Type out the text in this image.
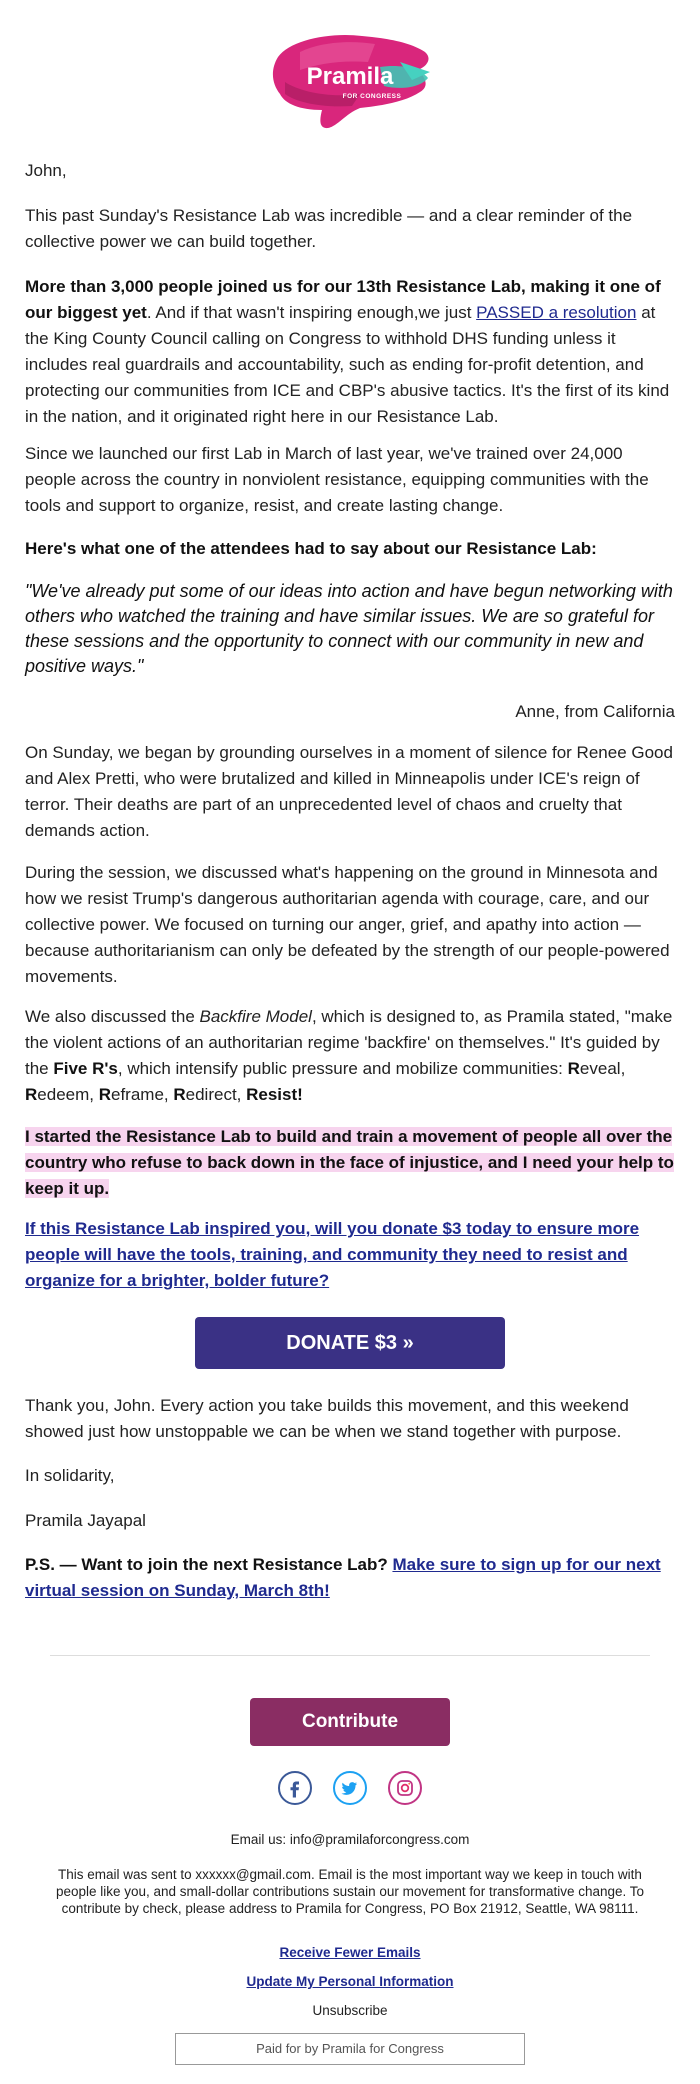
Pramila
FOR CONGRESS

John,

This past Sunday's Resistance Lab was incredible — and a clear reminder of the collective power we can build together.

More than 3,000 people joined us for our 13th Resistance Lab, making it one of our biggest yet. And if that wasn't inspiring enough,we just PASSED a resolution at the King County Council calling on Congress to withhold DHS funding unless it includes real guardrails and accountability, such as ending for-profit detention, and protecting our communities from ICE and CBP's abusive tactics. It's the first of its kind in the nation, and it originated right here in our Resistance Lab.

Since we launched our first Lab in March of last year, we've trained over 24,000 people across the country in nonviolent resistance, equipping communities with the tools and support to organize, resist, and create lasting change.

Here's what one of the attendees had to say about our Resistance Lab:

"We've already put some of our ideas into action and have begun networking with others who watched the training and have similar issues. We are so grateful for these sessions and the opportunity to connect with our community in new and positive ways."

Anne, from California

On Sunday, we began by grounding ourselves in a moment of silence for Renee Good and Alex Pretti, who were brutalized and killed in Minneapolis under ICE's reign of terror. Their deaths are part of an unprecedented level of chaos and cruelty that demands action.

During the session, we discussed what's happening on the ground in Minnesota and how we resist Trump's dangerous authoritarian agenda with courage, care, and our collective power. We focused on turning our anger, grief, and apathy into action — because authoritarianism can only be defeated by the strength of our people-powered movements.

We also discussed the Backfire Model, which is designed to, as Pramila stated, "make the violent actions of an authoritarian regime 'backfire' on themselves." It's guided by the Five R's, which intensify public pressure and mobilize communities: Reveal, Redeem, Reframe, Redirect, Resist!

I started the Resistance Lab to build and train a movement of people all over the country who refuse to back down in the face of injustice, and I need your help to keep it up.

If this Resistance Lab inspired you, will you donate $3 today to ensure more people will have the tools, training, and community they need to resist and organize for a brighter, bolder future?

DONATE $3 »

Thank you, John. Every action you take builds this movement, and this weekend showed just how unstoppable we can be when we stand together with purpose.

In solidarity,

Pramila Jayapal

P.S. — Want to join the next Resistance Lab? Make sure to sign up for our next virtual session on Sunday, March 8th!

Contribute
Email us: info@pramilaforcongress.com
This email was sent to xxxxxx@gmail.com. Email is the most important way we keep in touch with people like you, and small-dollar contributions sustain our movement for transformative change. To contribute by check, please address to Pramila for Congress, PO Box 21912, Seattle, WA 98111.
Receive Fewer Emails
Update My Personal Information
Unsubscribe
Paid for by Pramila for Congress
